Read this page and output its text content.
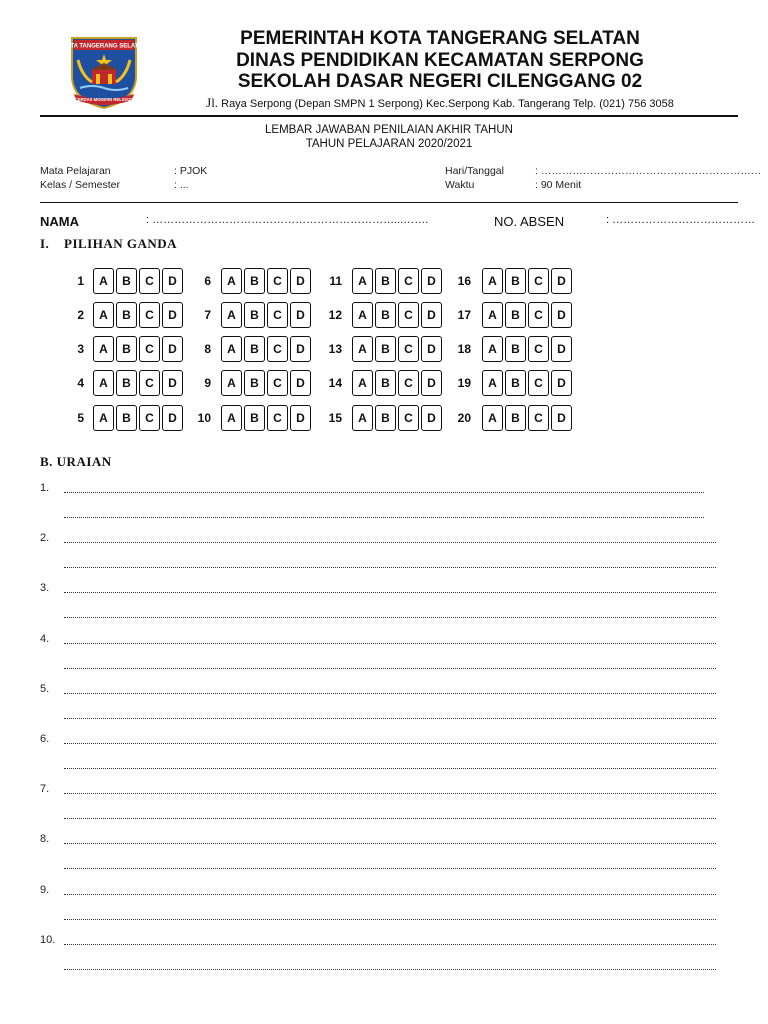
KOTA TANGERANG SELATAN
CERDAS MODERN RELIGIUS
PEMERINTAH KOTA TANGERANG SELATAN
DINAS PENDIDIKAN KECAMATAN SERPONG
SEKOLAH DASAR NEGERI CILENGGANG 02
Jl. Raya Serpong (Depan SMPN 1 Serpong) Kec.Serpong Kab. Tangerang Telp. (021) 756 3058
LEMBAR JAWABAN PENILAIAN AKHIR TAHUN
TAHUN PELAJARAN 2020/2021
Mata Pelajaran	: PJOK
Kelas / Semester	: ...
Hari/Tanggal	: ………………………………………………………
Waktu	: 90 Menit
NAMA	: …………………………………………………………...…….	NO. ABSEN	: …………………………………
I. PILIHAN GANDA
1	A	B	C	D
2	A	B	C	D
3	A	B	C	D
4	A	B	C	D
5	A	B	C	D
6	A	B	C	D
7	A	B	C	D
8	A	B	C	D
9	A	B	C	D
10	A	B	C	D
11	A	B	C	D
12	A	B	C	D
13	A	B	C	D
14	A	B	C	D
15	A	B	C	D
16	A	B	C	D
17	A	B	C	D
18	A	B	C	D
19	A	B	C	D
20	A	B	C	D
B. URAIAN
1.
2.
3.
4.
5.
6.
7.
8.
9.
10.
